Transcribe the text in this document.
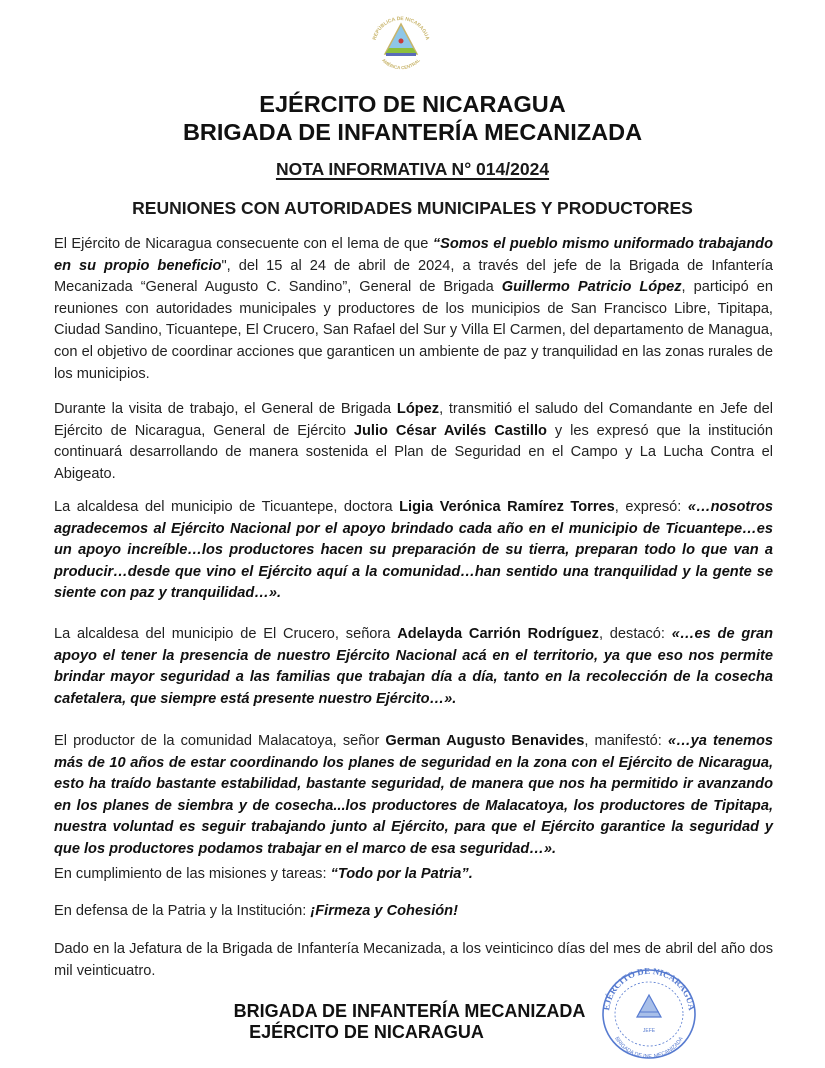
REPÚBLICA DE NICARAGUA
AMÉRICA CENTRAL
EJÉRCITO DE NICARAGUA
BRIGADA DE INFANTERÍA MECANIZADA
NOTA INFORMATIVA N° 014/2024
REUNIONES CON AUTORIDADES MUNICIPALES Y PRODUCTORES
El Ejército de Nicaragua consecuente con el lema de que “Somos el pueblo mismo uniformado trabajando en su propio beneficio", del 15 al 24 de abril de 2024, a través del jefe de la Brigada de Infantería Mecanizada “General Augusto C. Sandino”, General de Brigada Guillermo Patricio López, participó en reuniones con autoridades municipales y productores de los municipios de San Francisco Libre, Tipitapa, Ciudad Sandino, Ticuantepe, El Crucero, San Rafael del Sur y Villa El Carmen, del departamento de Managua, con el objetivo de coordinar acciones que garanticen un ambiente de paz y tranquilidad en las zonas rurales de los municipios.
Durante la visita de trabajo, el General de Brigada López, transmitió el saludo del Comandante en Jefe del Ejército de Nicaragua, General de Ejército Julio César Avilés Castillo y les expresó que la institución continuará desarrollando de manera sostenida el Plan de Seguridad en el Campo y La Lucha Contra el Abigeato.
La alcaldesa del municipio de Ticuantepe, doctora Ligia Verónica Ramírez Torres, expresó: «…nosotros agradecemos al Ejército Nacional por el apoyo brindado cada año en el municipio de Ticuantepe…es un apoyo increíble…los productores hacen su preparación de su tierra, preparan todo lo que van a producir…desde que vino el Ejército aquí a la comunidad…han sentido una tranquilidad y la gente se siente con paz y tranquilidad…».
La alcaldesa del municipio de El Crucero, señora Adelayda Carrión Rodríguez, destacó: «…es de gran apoyo el tener la presencia de nuestro Ejército Nacional acá en el territorio, ya que eso nos permite brindar mayor seguridad a las familias que trabajan día a día, tanto en la recolección de la cosecha cafetalera, que siempre está presente nuestro Ejército…».
El productor de la comunidad Malacatoya, señor German Augusto Benavides, manifestó: «…ya tenemos más de 10 años de estar coordinando los planes de seguridad en la zona con el Ejército de Nicaragua, esto ha traído bastante estabilidad, bastante seguridad, de manera que nos ha permitido ir avanzando en los planes de siembra y de cosecha...los productores de Malacatoya, los productores de Tipitapa, nuestra voluntad es seguir trabajando junto al Ejército, para que el Ejército garantice la seguridad y que los productores podamos trabajar en el marco de esa seguridad…».
En cumplimiento de las misiones y tareas: “Todo por la Patria”.
En defensa de la Patria y la Institución: ¡Firmeza y Cohesión!
Dado en la Jefatura de la Brigada de Infantería Mecanizada, a los veinticinco días del mes de abril del año dos mil veinticuatro.
BRIGADA DE INFANTERÍA MECANIZADA
EJÉRCITO DE NICARAGUA
EJÉRCITO DE NICARAGUA
BRIGADA DE INF. MECANIZADA
JEFE
